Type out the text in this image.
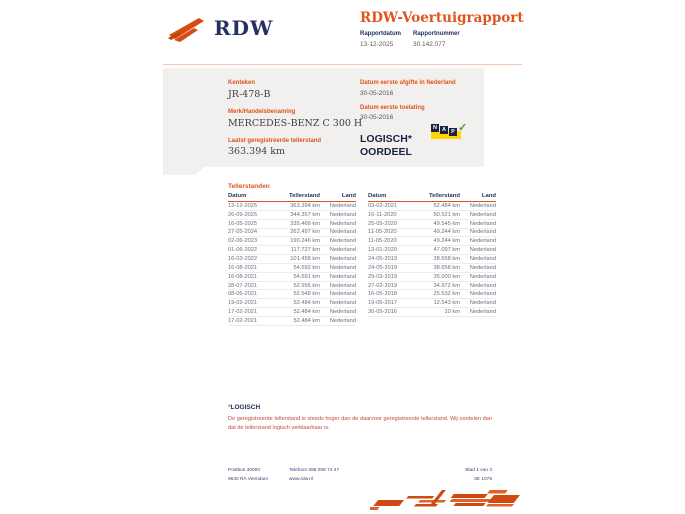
RDW	RDW-Voertuigrapport
Rapportdatum
13-12-2025
Rapportnummer
30.142.077
Kenteken
JR-478-B
Merk/Handelsbenaming
MERCEDES-BENZ C 300 H
Laatst geregistreerde tellerstand
363.394 km
Datum eerste afgifte in Nederland
30-05-2016
Datum eerste toelating
30-05-2016
LOGISCH*
OORDEEL
N A P ✓
Tellerstanden
Datum	Tellerstand	Land
13-12-2025	363.394 km	Nederland
26-09-2025	344.357 km	Nederland
16-05-2025	335.468 km	Nederland
27-05-2024	262.497 km	Nederland
02-06-2023	190.246 km	Nederland
01-06-2022	117.727 km	Nederland
16-03-2022	101.458 km	Nederland
16-08-2021	54.692 km	Nederland
16-08-2021	54.691 km	Nederland
28-07-2021	52.956 km	Nederland
08-06-2021	52.548 km	Nederland
19-02-2021	52.484 km	Nederland
17-02-2021	52.484 km	Nederland
17-02-2021	52.484 km	Nederland
Datum	Tellerstand	Land
03-02-2021	52.484 km	Nederland
16-11-2020	50.521 km	Nederland
25-05-2020	49.545 km	Nederland
11-05-2020	49.244 km	Nederland
11-05-2020	49.244 km	Nederland
13-01-2020	47.097 km	Nederland
24-05-2019	38.658 km	Nederland
24-05-2019	38.658 km	Nederland
29-03-2019	35.000 km	Nederland
27-02-2019	34.972 km	Nederland
16-05-2018	25.532 km	Nederland
19-05-2017	12.543 km	Nederland
30-05-2016	10 km	Nederland
*LOGISCH
De geregistreerde tellerstand is steeds hoger dan de daarvoor geregistreerde tellerstand. Wij oordelen dan
dat de tellerstand logisch verklaarbaar is.
Postbus 30000
9640 RA Veendam
Telefoon 088 008 74 47
www.rdw.nl
Blad 1 van 3
3E 1078
